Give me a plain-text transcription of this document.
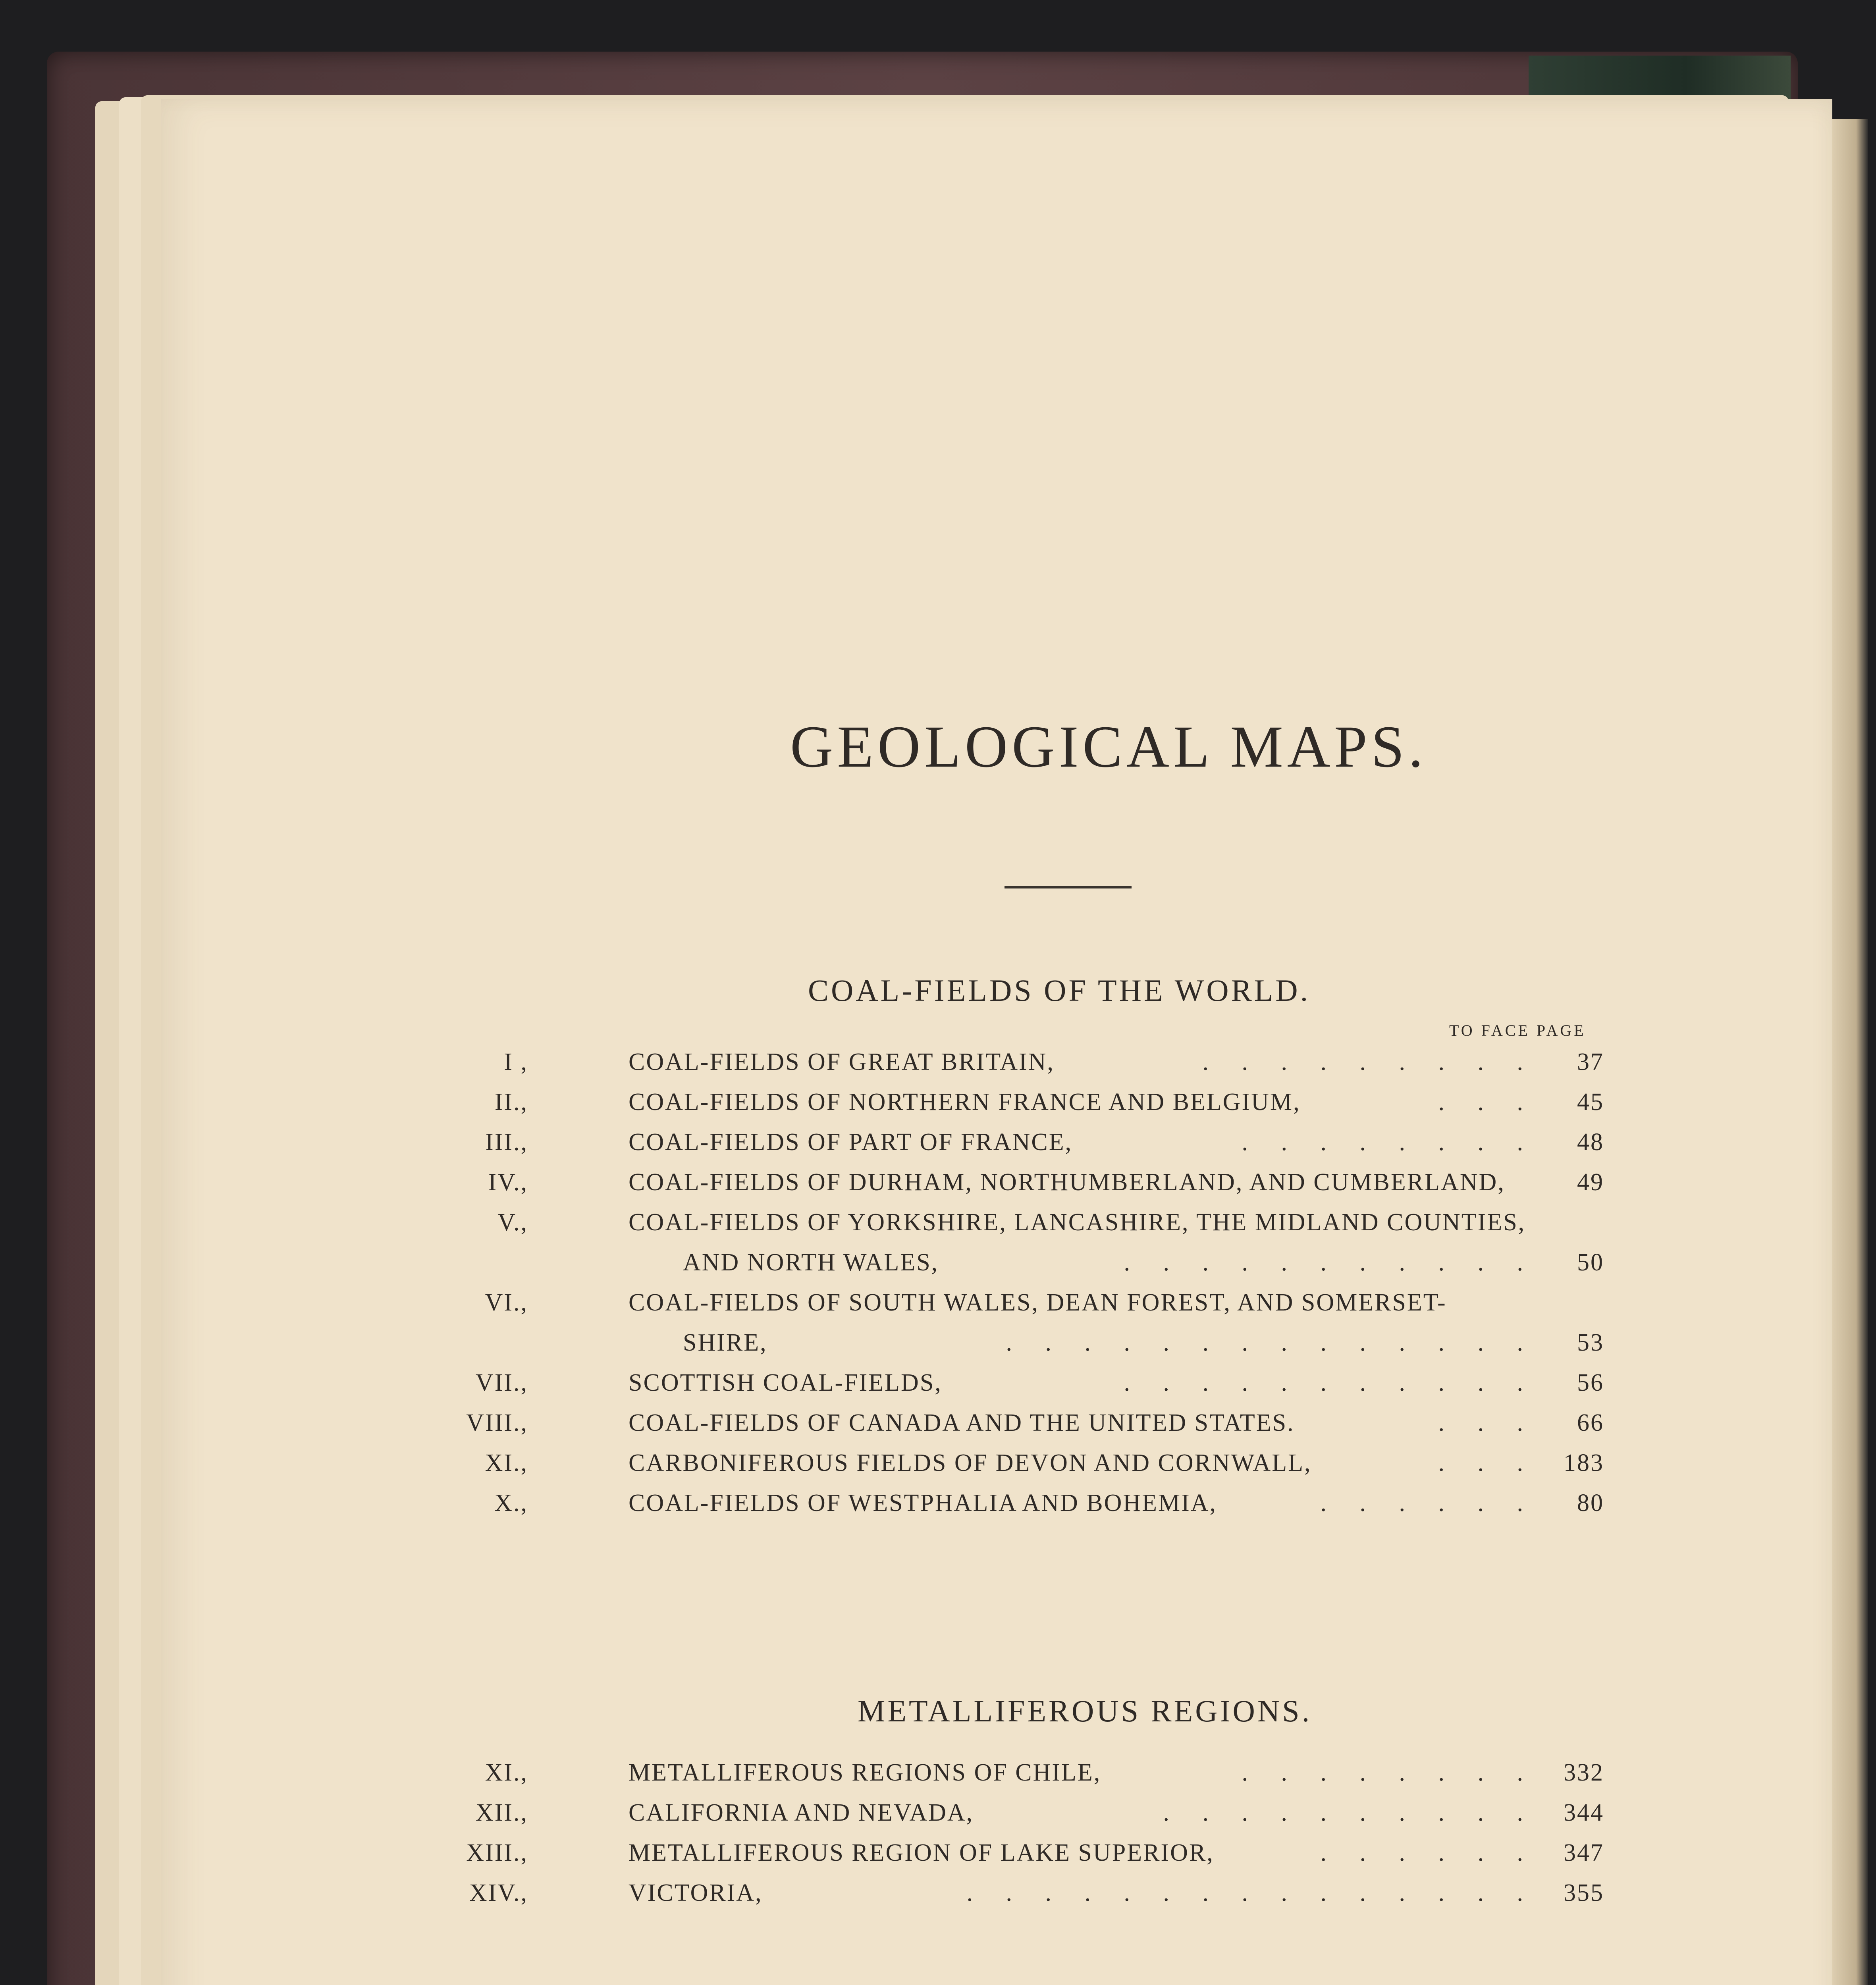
GEOLOGICAL MAPS.
COAL-FIELDS OF THE WORLD.
TO FACE PAGE
I ,	COAL-FIELDS OF GREAT BRITAIN,	. . . . . . . . . 37
II.,	COAL-FIELDS OF NORTHERN FRANCE AND BELGIUM,	. . . 45
III.,	COAL-FIELDS OF PART OF FRANCE,	. . . . . . . . 48
IV.,	COAL-FIELDS OF DURHAM, NORTHUMBERLAND, AND CUMBERLAND,	49
V.,	COAL-FIELDS OF YORKSHIRE, LANCASHIRE, THE MIDLAND COUNTIES,
AND NORTH WALES,	. . . . . . . . . . . 50
VI.,	COAL-FIELDS OF SOUTH WALES, DEAN FOREST, AND SOMERSET-
SHIRE,	. . . . . . . . . . . . . . 53
VII.,	SCOTTISH COAL-FIELDS,	. . . . . . . . . . . 56
VIII.,	COAL-FIELDS OF CANADA AND THE UNITED STATES.	. . . 66
XI.,	CARBONIFEROUS FIELDS OF DEVON AND CORNWALL,	. . . 183
X.,	COAL-FIELDS OF WESTPHALIA AND BOHEMIA,	. . . . . . 80
METALLIFEROUS REGIONS.
XI.,	METALLIFEROUS REGIONS OF CHILE,	. . . . . . . . 332
XII.,	CALIFORNIA AND NEVADA,	. . . . . . . . . . 344
XIII.,	METALLIFEROUS REGION OF LAKE SUPERIOR,	. . . . . . 347
XIV.,	VICTORIA,	. . . . . . . . . . . . . . . 355
